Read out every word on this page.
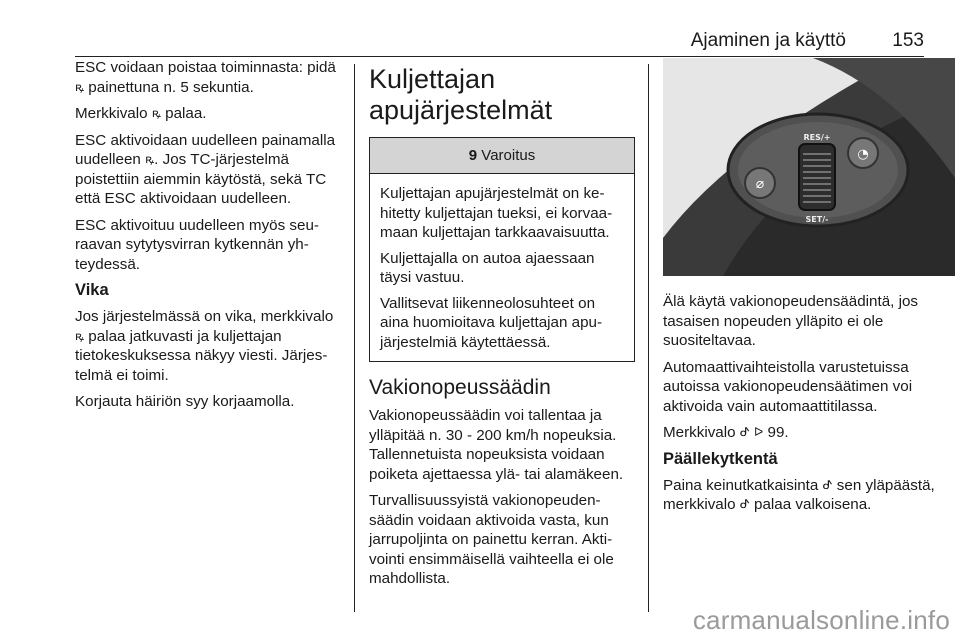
Ajaminen ja käyttö 153

ESC voidaan poistaa toiminnasta: pidä ꝶ painettuna n. 5 sekuntia.

Merkkivalo ꝶ palaa.

ESC aktivoidaan uudelleen painamalla uudelleen ꝶ. Jos TC-järjestelmä poistettiin aiemmin käytöstä, sekä TC että ESC aktivoidaan uudelleen.

ESC aktivoituu uudelleen myös seuraavan sytytysvirran kytkennän yhteydessä.

Vika

Jos järjestelmässä on vika, merkkivalo ꝶ palaa jatkuvasti ja kuljettajan tietokeskuksessa näkyy viesti. Järjestelmä ei toimi.

Korjauta häiriön syy korjaamolla.

Kuljettajan apujärjestelmät
9 Varoitus

Kuljettajan apujärjestelmät on kehitetty kuljettajan tueksi, ei korvaamaan kuljettajan tarkkaavaisuutta.

Kuljettajalla on autoa ajaessaan täysi vastuu.

Vallitsevat liikenneolosuhteet on aina huomioitava kuljettajan apujärjestelmiä käytettäessä.

Vakionopeussäädin

Vakionopeussäädin voi tallentaa ja ylläpitää n. 30 - 200 km/h nopeuksia. Tallennetuista nopeuksista voidaan poiketa ajettaessa ylä- tai alamäkeen.

Turvallisuussyistä vakionopeudensäädin voidaan aktivoida vasta, kun jarrupoljinta on painettu kerran. Aktivointi ensimmäisellä vaihteella ei ole mahdollista.

⌀
◔
RES/+
SET/-

Älä käytä vakionopeudensäädintä, jos tasaisen nopeuden ylläpito ei ole suositeltavaa.

Automaattivaihteistolla varustetuissa autoissa vakionopeudensäätimen voi aktivoida vain automaattitilassa.

Merkkivalo ᕷ ᐅ 99.

Päällekytkentä

Paina keinutkatkaisinta ᕷ sen yläpäästä, merkkivalo ᕷ palaa valkoisena.

carmanualsonline.info
